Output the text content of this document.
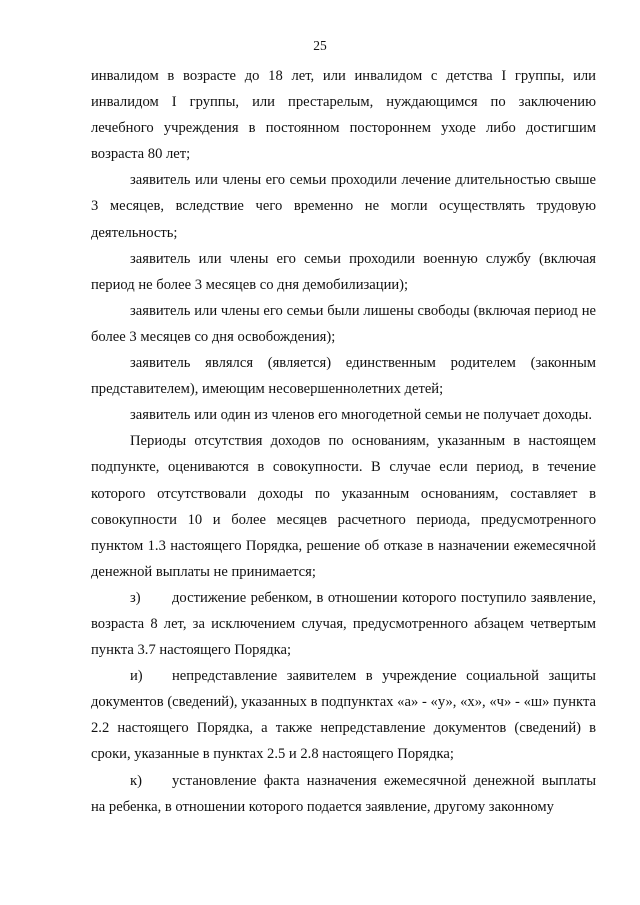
25

инвалидом в возрасте до 18 лет, или инвалидом с детства I группы, или инвалидом I группы, или престарелым, нуждающимся по заключению лечебного учреждения в постоянном постороннем уходе либо достигшим возраста 80 лет;

заявитель или члены его семьи проходили лечение длительностью свыше 3 месяцев, вследствие чего временно не могли осуществлять трудовую деятельность;

заявитель или члены его семьи проходили военную службу (включая период не более 3 месяцев со дня демобилизации);

заявитель или члены его семьи были лишены свободы (включая период не более 3 месяцев со дня освобождения);

заявитель являлся (является) единственным родителем (законным представителем), имеющим несовершеннолетних детей;

заявитель или один из членов его многодетной семьи не получает доходы.

Периоды отсутствия доходов по основаниям, указанным в настоящем подпункте, оцениваются в совокупности. В случае если период, в течение которого отсутствовали доходы по указанным основаниям, составляет в совокупности 10 и более месяцев расчетного периода, предусмотренного пунктом 1.3 настоящего Порядка, решение об отказе в назначении ежемесячной денежной выплаты не принимается;

з) достижение ребенком, в отношении которого поступило заявление, возраста 8 лет, за исключением случая, предусмотренного абзацем четвертым пункта 3.7 настоящего Порядка;

и) непредставление заявителем в учреждение социальной защиты документов (сведений), указанных в подпунктах «а» - «у», «х», «ч» - «ш» пункта 2.2 настоящего Порядка, а также непредставление документов (сведений) в сроки, указанные в пунктах 2.5 и 2.8 настоящего Порядка;

к) установление факта назначения ежемесячной денежной выплаты на ребенка, в отношении которого подается заявление, другому законному
